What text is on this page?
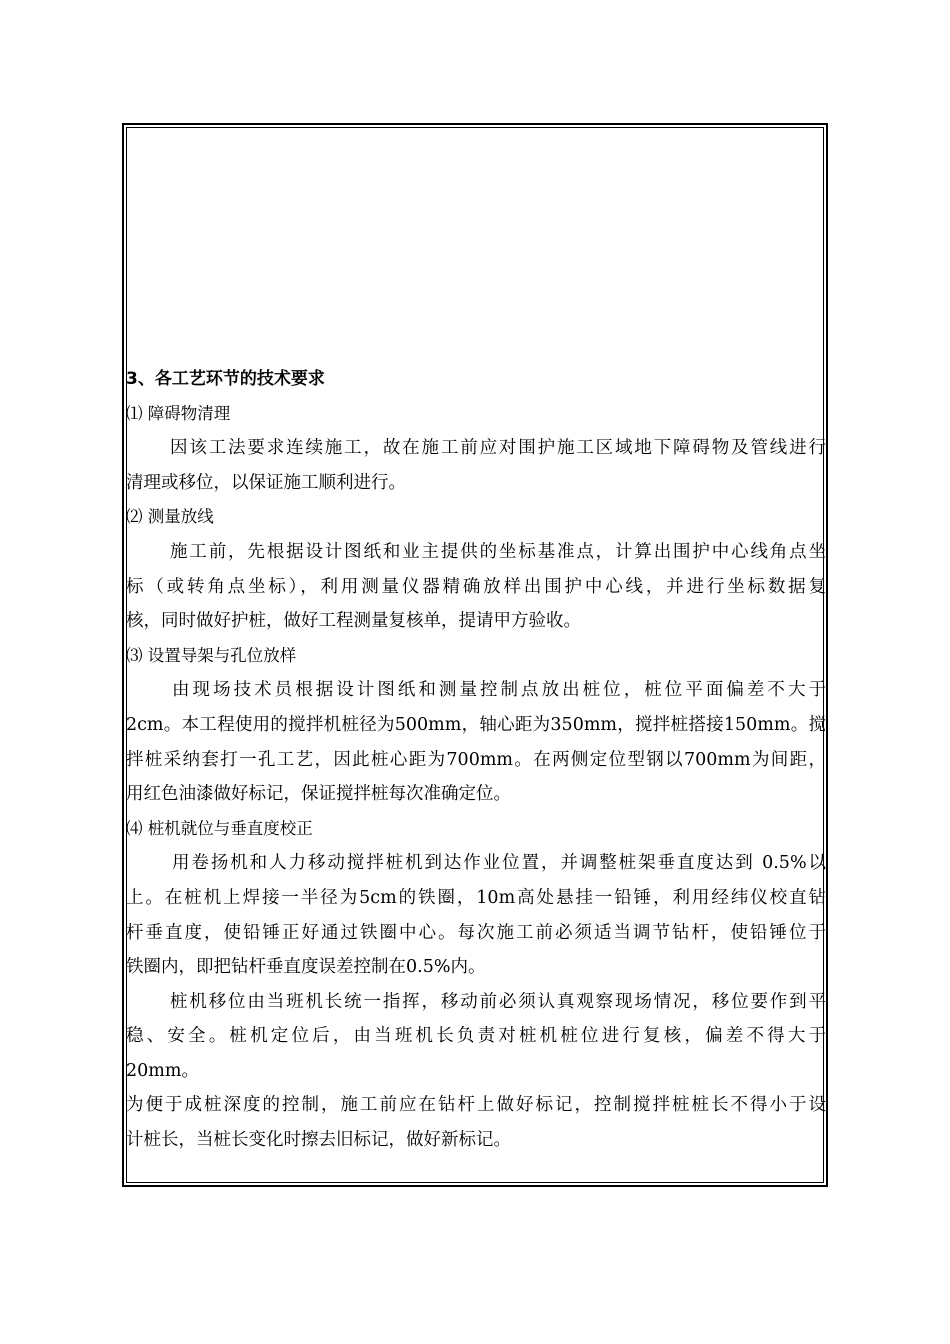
3、各工艺环节的技术要求
⑴ 障碍物清理
因该工法要求连续施工，故在施工前应对围护施工区域地下障碍物及管线进行
清理或移位，以保证施工顺利进行。
⑵ 测量放线
施工前，先根据设计图纸和业主提供的坐标基准点，计算出围护中心线角点坐
标（或转角点坐标），利用测量仪器精确放样出围护中心线，并进行坐标数据复
核，同时做好护桩，做好工程测量复核单，提请甲方验收。
⑶ 设置导架与孔位放样
由现场技术员根据设计图纸和测量控制点放出桩位，桩位平面偏差不大于
2cm。本工程使用的搅拌机桩径为500mm，轴心距为350mm，搅拌桩搭接150mm。搅
拌桩采纳套打一孔工艺，因此桩心距为700mm。在两侧定位型钢以700mm为间距，
用红色油漆做好标记，保证搅拌桩每次准确定位。
⑷ 桩机就位与垂直度校正
用卷扬机和人力移动搅拌桩机到达作业位置，并调整桩架垂直度达到 0.5%以
上。在桩机上焊接一半径为5cm的铁圈，10m高处悬挂一铅锤，利用经纬仪校直钻
杆垂直度，使铅锤正好通过铁圈中心。每次施工前必须适当调节钻杆，使铅锤位于
铁圈内，即把钻杆垂直度误差控制在0.5%内。
桩机移位由当班机长统一指挥，移动前必须认真观察现场情况，移位要作到平
稳、安全。桩机定位后，由当班机长负责对桩机桩位进行复核，偏差不得大于
20mm。
为便于成桩深度的控制，施工前应在钻杆上做好标记，控制搅拌桩桩长不得小于设
计桩长，当桩长变化时擦去旧标记，做好新标记。
